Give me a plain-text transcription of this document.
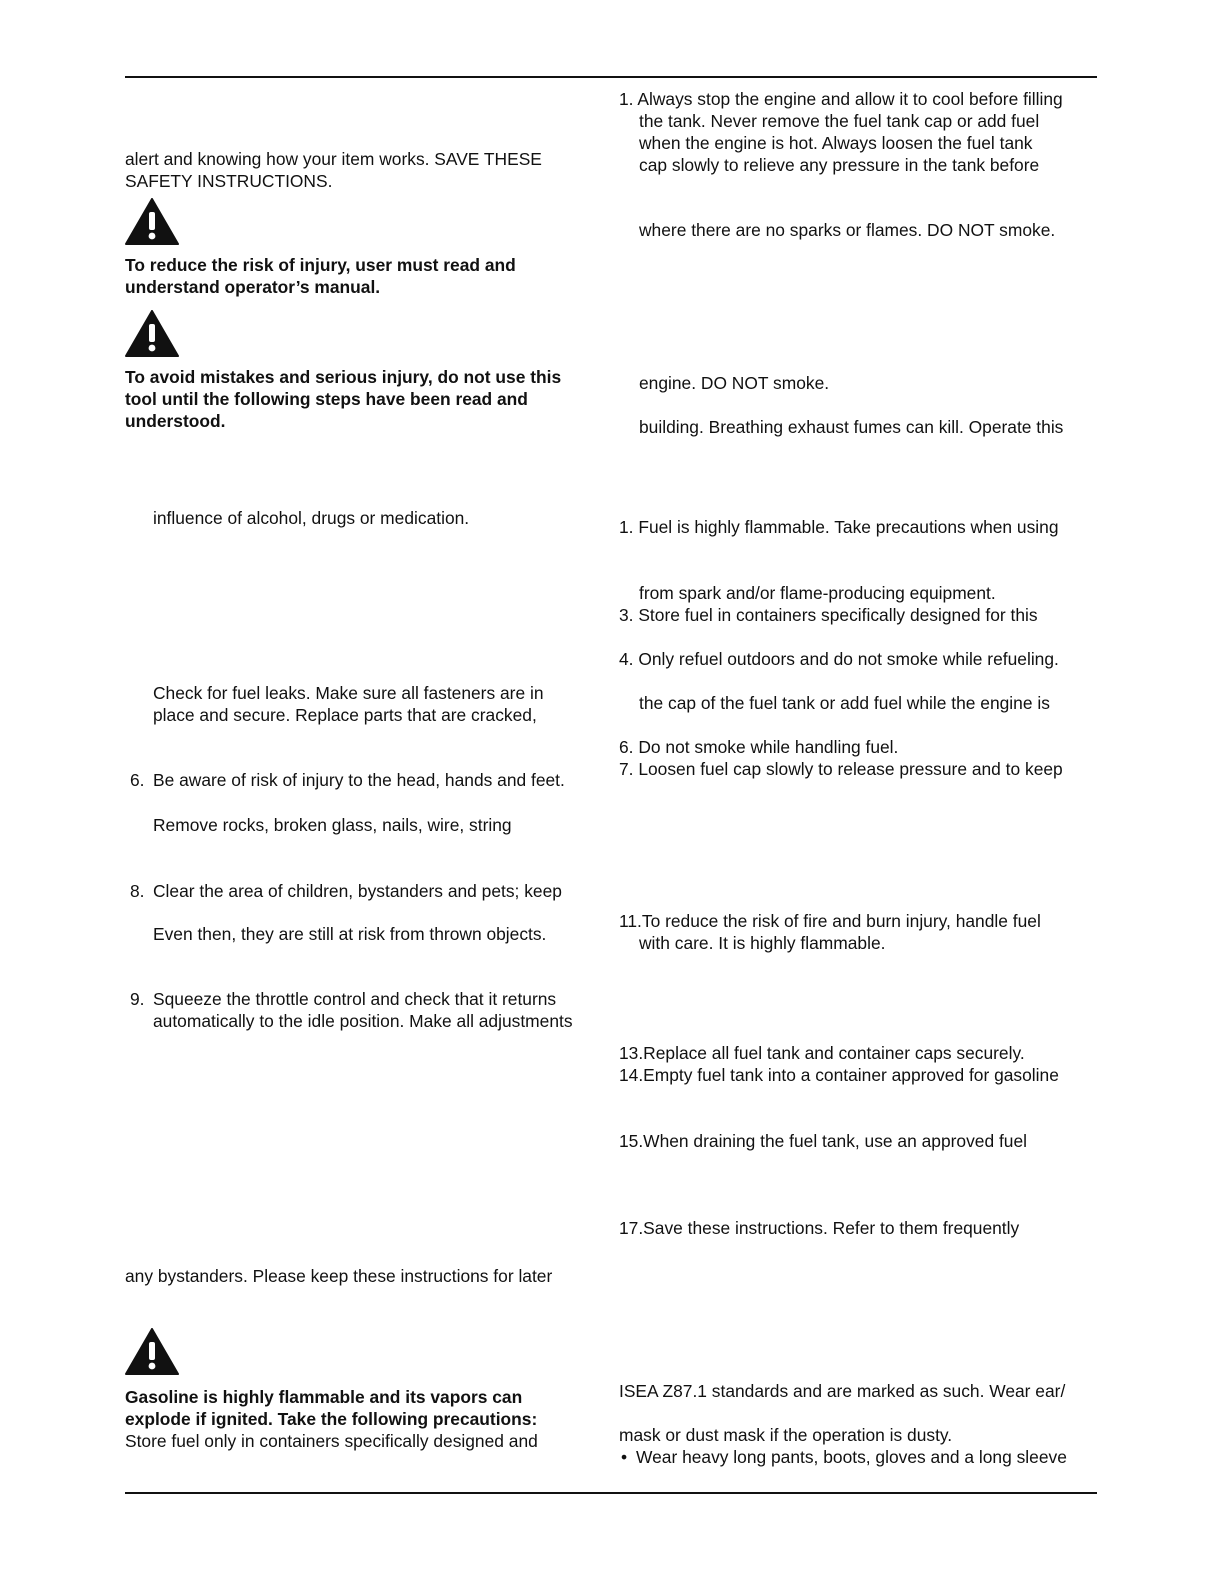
alert and knowing how your item works. SAVE THESE
SAFETY INSTRUCTIONS.
To reduce the risk of injury, user must read and
understand operator’s manual.
To avoid mistakes and serious injury, do not use this
tool until the following steps have been read and
understood.
influence of alcohol, drugs or medication.
Check for fuel leaks. Make sure all fasteners are in
place and secure. Replace parts that are cracked,
6. Be aware of risk of injury to the head, hands and feet.
Remove rocks, broken glass, nails, wire, string
8. Clear the area of children, bystanders and pets; keep
Even then, they are still at risk from thrown objects.
9. Squeeze the throttle control and check that it returns
automatically to the idle position. Make all adjustments
any bystanders. Please keep these instructions for later
Gasoline is highly flammable and its vapors can
explode if ignited. Take the following precautions:
Store fuel only in containers specifically designed and
1. Always stop the engine and allow it to cool before filling
the tank. Never remove the fuel tank cap or add fuel
when the engine is hot. Always loosen the fuel tank
cap slowly to relieve any pressure in the tank before
where there are no sparks or flames. DO NOT smoke.
engine. DO NOT smoke.
building. Breathing exhaust fumes can kill. Operate this
1. Fuel is highly flammable. Take precautions when using
from spark and/or flame-producing equipment.
3. Store fuel in containers specifically designed for this
4. Only refuel outdoors and do not smoke while refueling.
the cap of the fuel tank or add fuel while the engine is
6. Do not smoke while handling fuel.
7. Loosen fuel cap slowly to release pressure and to keep
11.To reduce the risk of fire and burn injury, handle fuel
with care. It is highly flammable.
13.Replace all fuel tank and container caps securely.
14.Empty fuel tank into a container approved for gasoline
15.When draining the fuel tank, use an approved fuel
17.Save these instructions. Refer to them frequently
ISEA Z87.1 standards and are marked as such. Wear ear/
mask or dust mask if the operation is dusty.
• Wear heavy long pants, boots, gloves and a long sleeve
